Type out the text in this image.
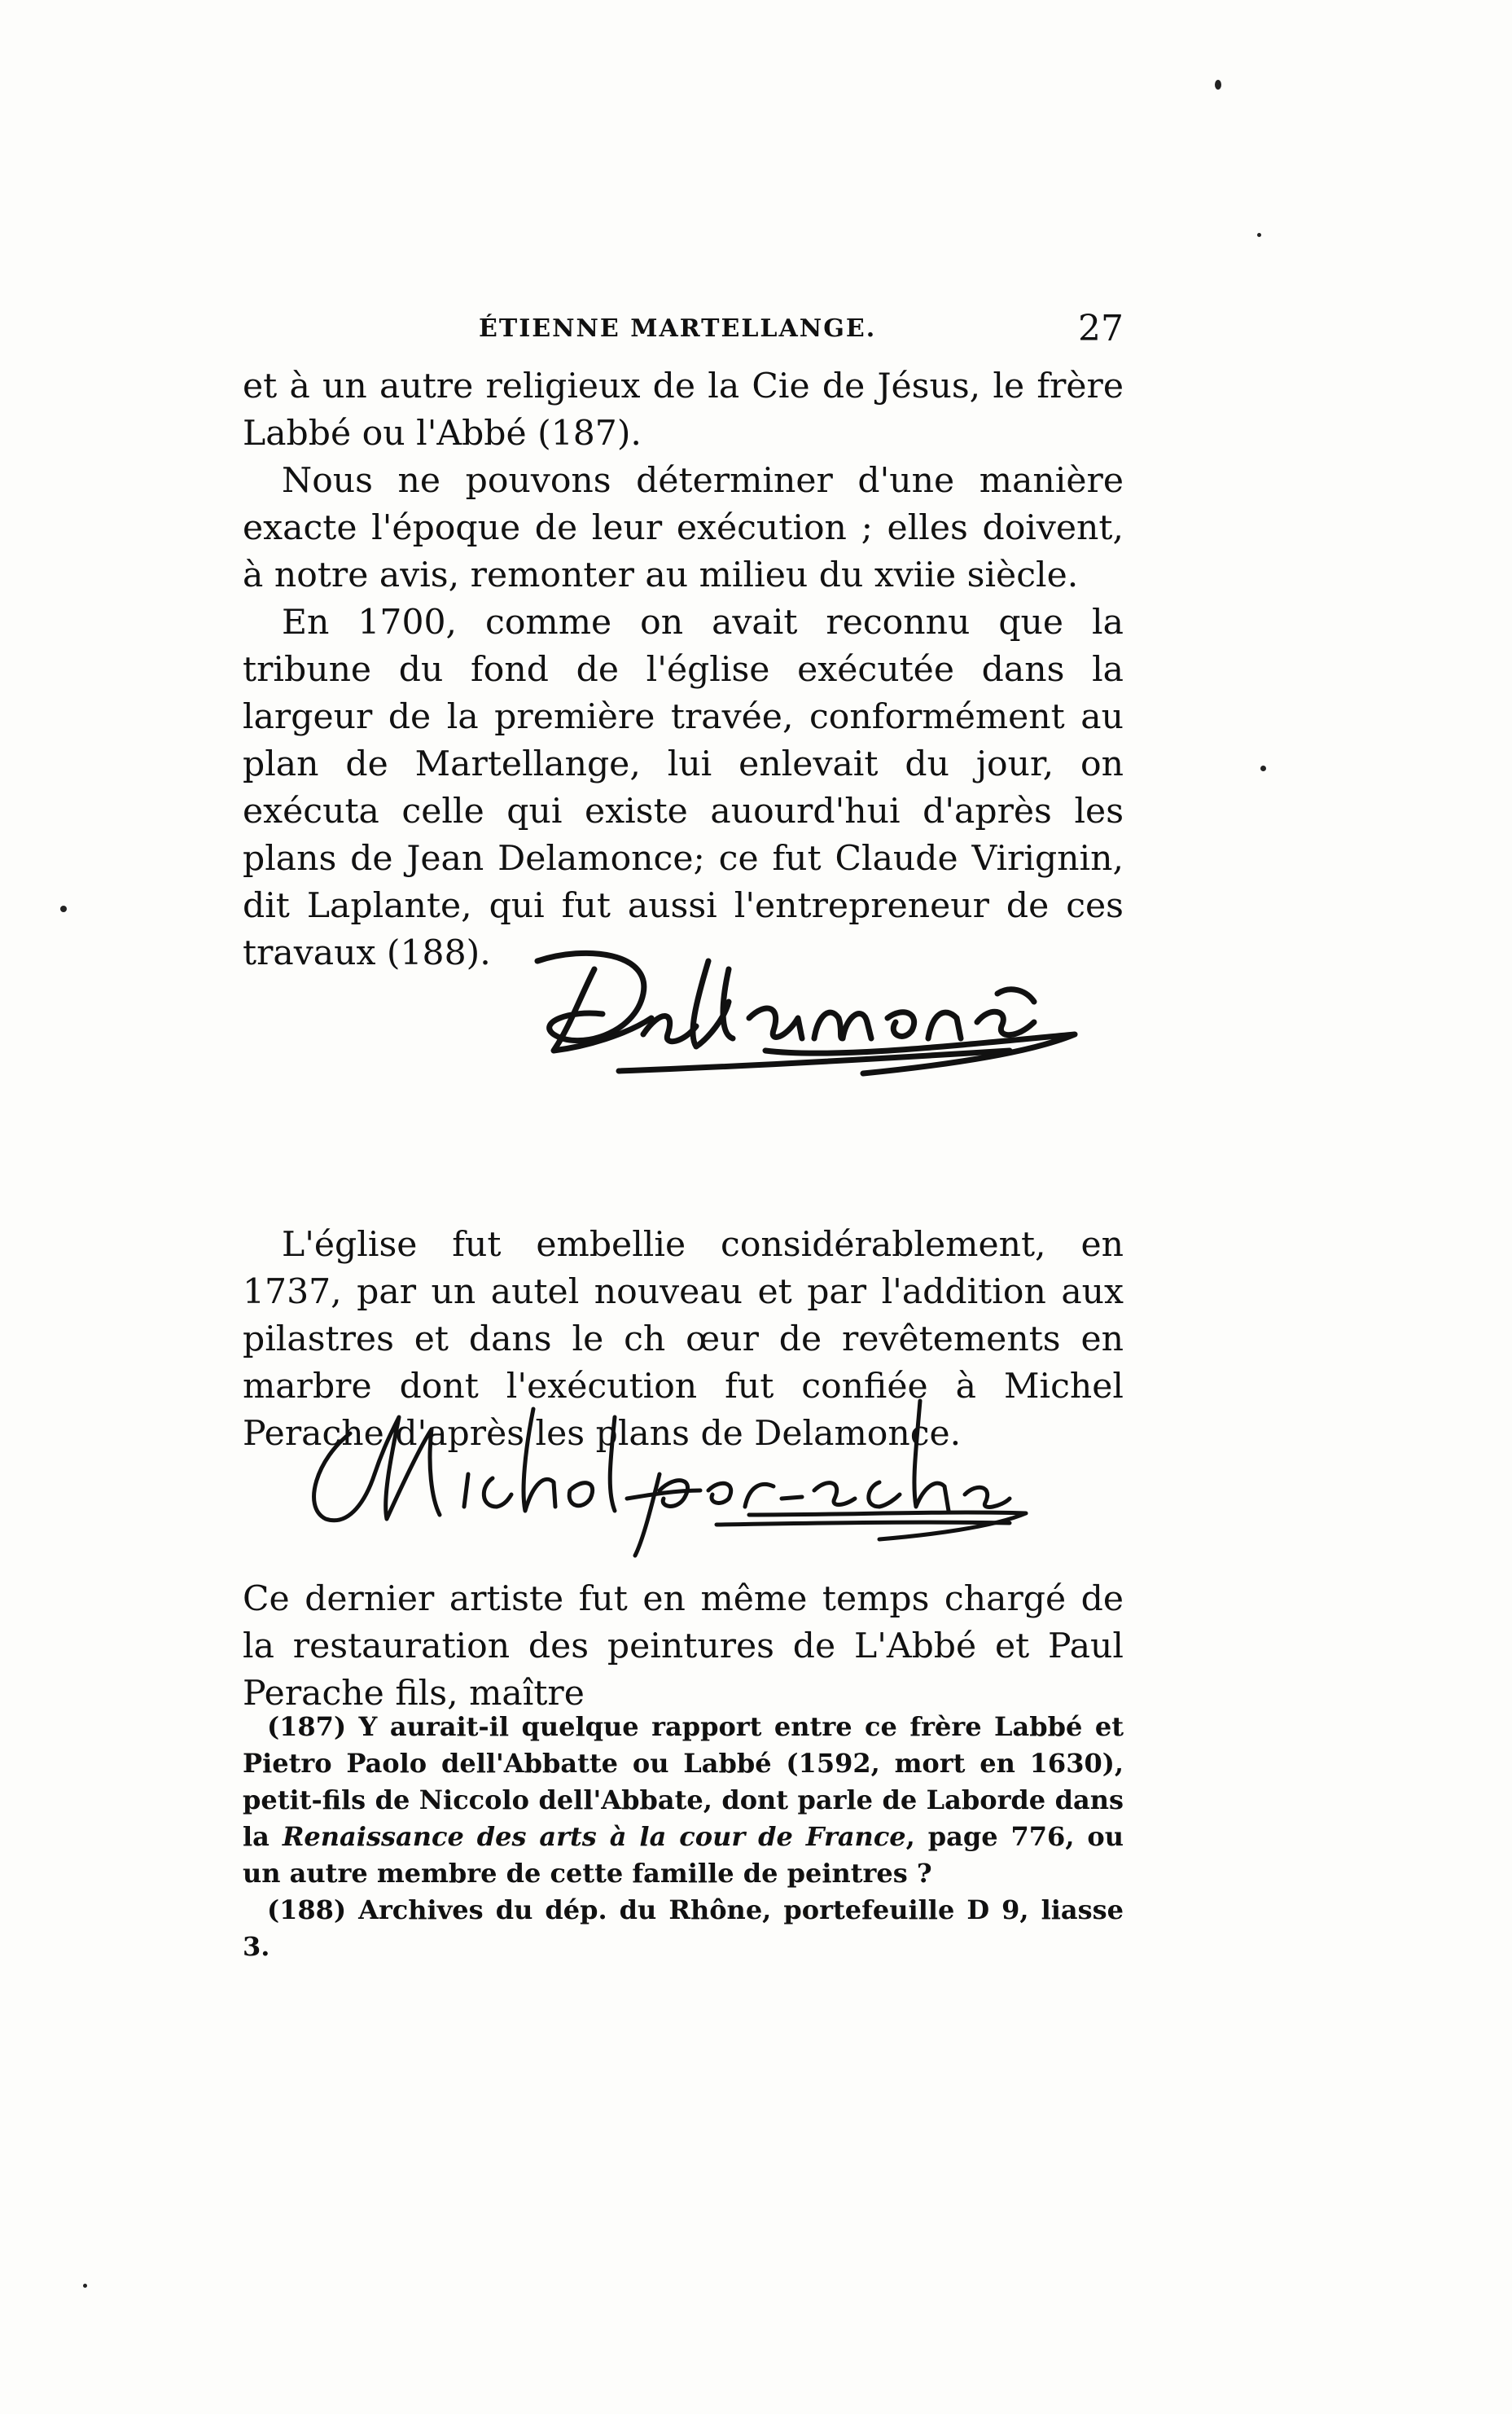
ÉTIENNE MARTELLANGE.	27

et à un autre religieux de la Cie de Jésus, le frère Labbé ou l'Abbé (187).

Nous ne pouvons déterminer d'une manière exacte l'époque de leur exécution ; elles doivent, à notre avis, remonter au milieu du xviie siècle.

En 1700, comme on avait reconnu que la tribune du fond de l'église exécutée dans la largeur de la première travée, conformément au plan de Martellange, lui enlevait du jour, on exécuta celle qui existe auourd'hui d'après les plans de Jean Delamonce; ce fut Claude Virignin, dit Laplante, qui fut aussi l'entrepreneur de ces travaux (188).

L'église fut embellie considérablement, en 1737, par un autel nouveau et par l'addition aux pilastres et dans le ch œur de revêtements en marbre dont l'exécution fut confiée à Michel Perache d'après les plans de Delamonce.

Ce dernier artiste fut en même temps chargé de la restauration des peintures de L'Abbé et Paul Perache fils, maître

(187) Y aurait-il quelque rapport entre ce frère Labbé et Pietro Paolo dell'Abbatte ou Labbé (1592, mort en 1630), petit-fils de Niccolo dell'Abbate, dont parle de Laborde dans la Renaissance des arts à la cour de France, page 776, ou un autre membre de cette famille de peintres ?

(188) Archives du dép. du Rhône, portefeuille D 9, liasse 3.
